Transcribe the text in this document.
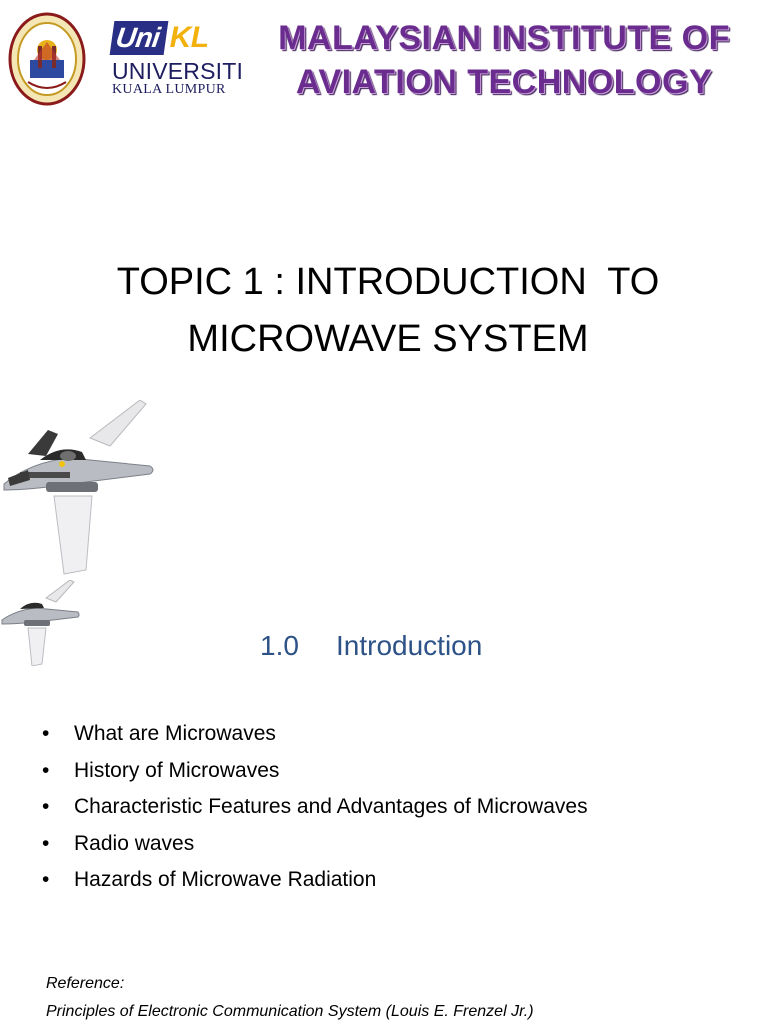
Uni KL
UNIVERSITI
KUALA LUMPUR
MALAYSIAN INSTITUTE OF
AVIATION TECHNOLOGY
TOPIC 1 : INTRODUCTION  TO
MICROWAVE SYSTEM
1.0 Introduction
•	What are Microwaves
•	History of Microwaves
•	Characteristic Features and Advantages of Microwaves
•	Radio waves
•	Hazards of Microwave Radiation
Reference:
Principles of Electronic Communication System (Louis E. Frenzel Jr.)
